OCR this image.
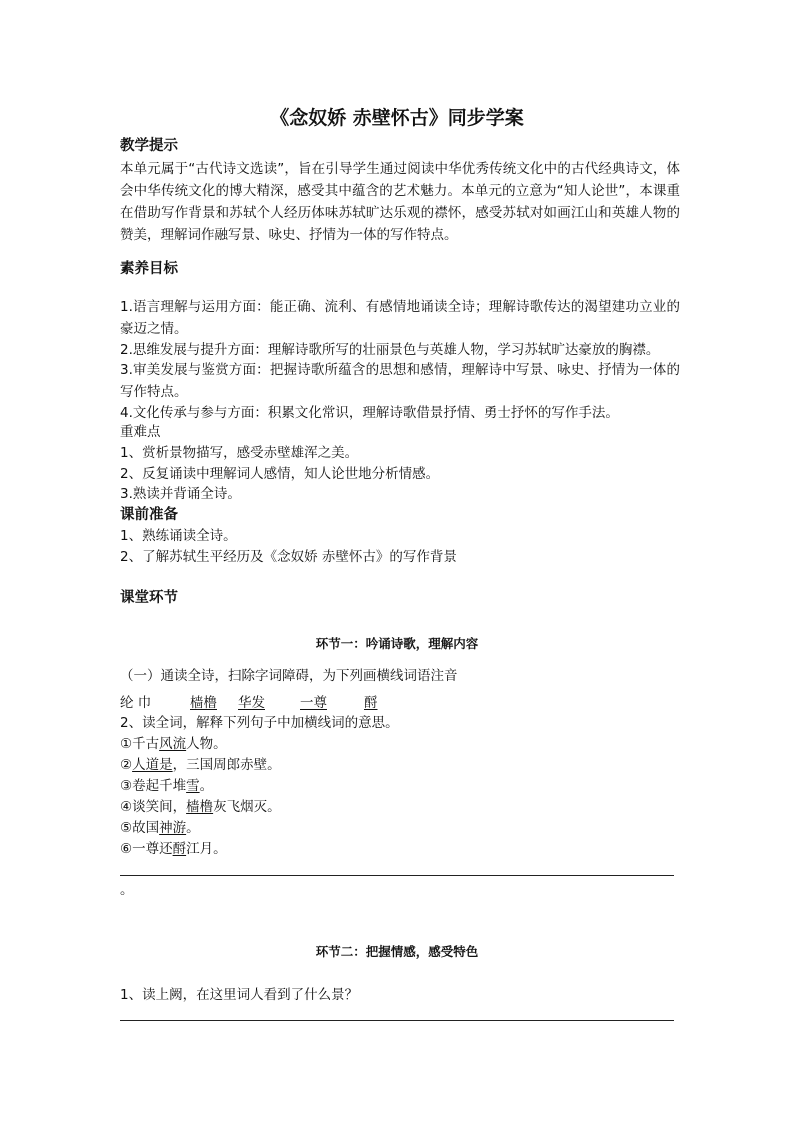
《念奴娇 赤壁怀古》同步学案
教学提示
本单元属于“古代诗文选读”，旨在引导学生通过阅读中华优秀传统文化中的古代经典诗文，体会中华传统文化的博大精深，感受其中蕴含的艺术魅力。本单元的立意为“知人论世”，本课重在借助写作背景和苏轼个人经历体味苏轼旷达乐观的襟怀，感受苏轼对如画江山和英雄人物的赞美，理解词作融写景、咏史、抒情为一体的写作特点。
素养目标
1.语言理解与运用方面：能正确、流利、有感情地诵读全诗；理解诗歌传达的渴望建功立业的豪迈之情。
2.思维发展与提升方面：理解诗歌所写的壮丽景色与英雄人物，学习苏轼旷达豪放的胸襟。
3.审美发展与鉴赏方面：把握诗歌所蕴含的思想和感情，理解诗中写景、咏史、抒情为一体的写作特点。
4.文化传承与参与方面：积累文化常识，理解诗歌借景抒情、勇士抒怀的写作手法。
重难点
1、赏析景物描写，感受赤壁雄浑之美。
2、反复诵读中理解词人感情，知人论世地分析情感。
3.熟读并背诵全诗。
课前准备
1、熟练诵读全诗。
2、了解苏轼生平经历及《念奴娇 赤壁怀古》的写作背景
课堂环节
环节一：吟诵诗歌，理解内容
（一）通读全诗，扫除字词障碍，为下列画横线词语注音
纶 巾	樯橹 华发	一尊	酹
2、读全词，解释下列句子中加横线词的意思。
①千古风流人物。
②人道是，三国周郎赤壁。
③卷起千堆雪。
④谈笑间，樯橹灰飞烟灭。
⑤故国神游。
⑥一尊还酹江月。
。
环节二：把握情感，感受特色
1、读上阙，在这里词人看到了什么景？
